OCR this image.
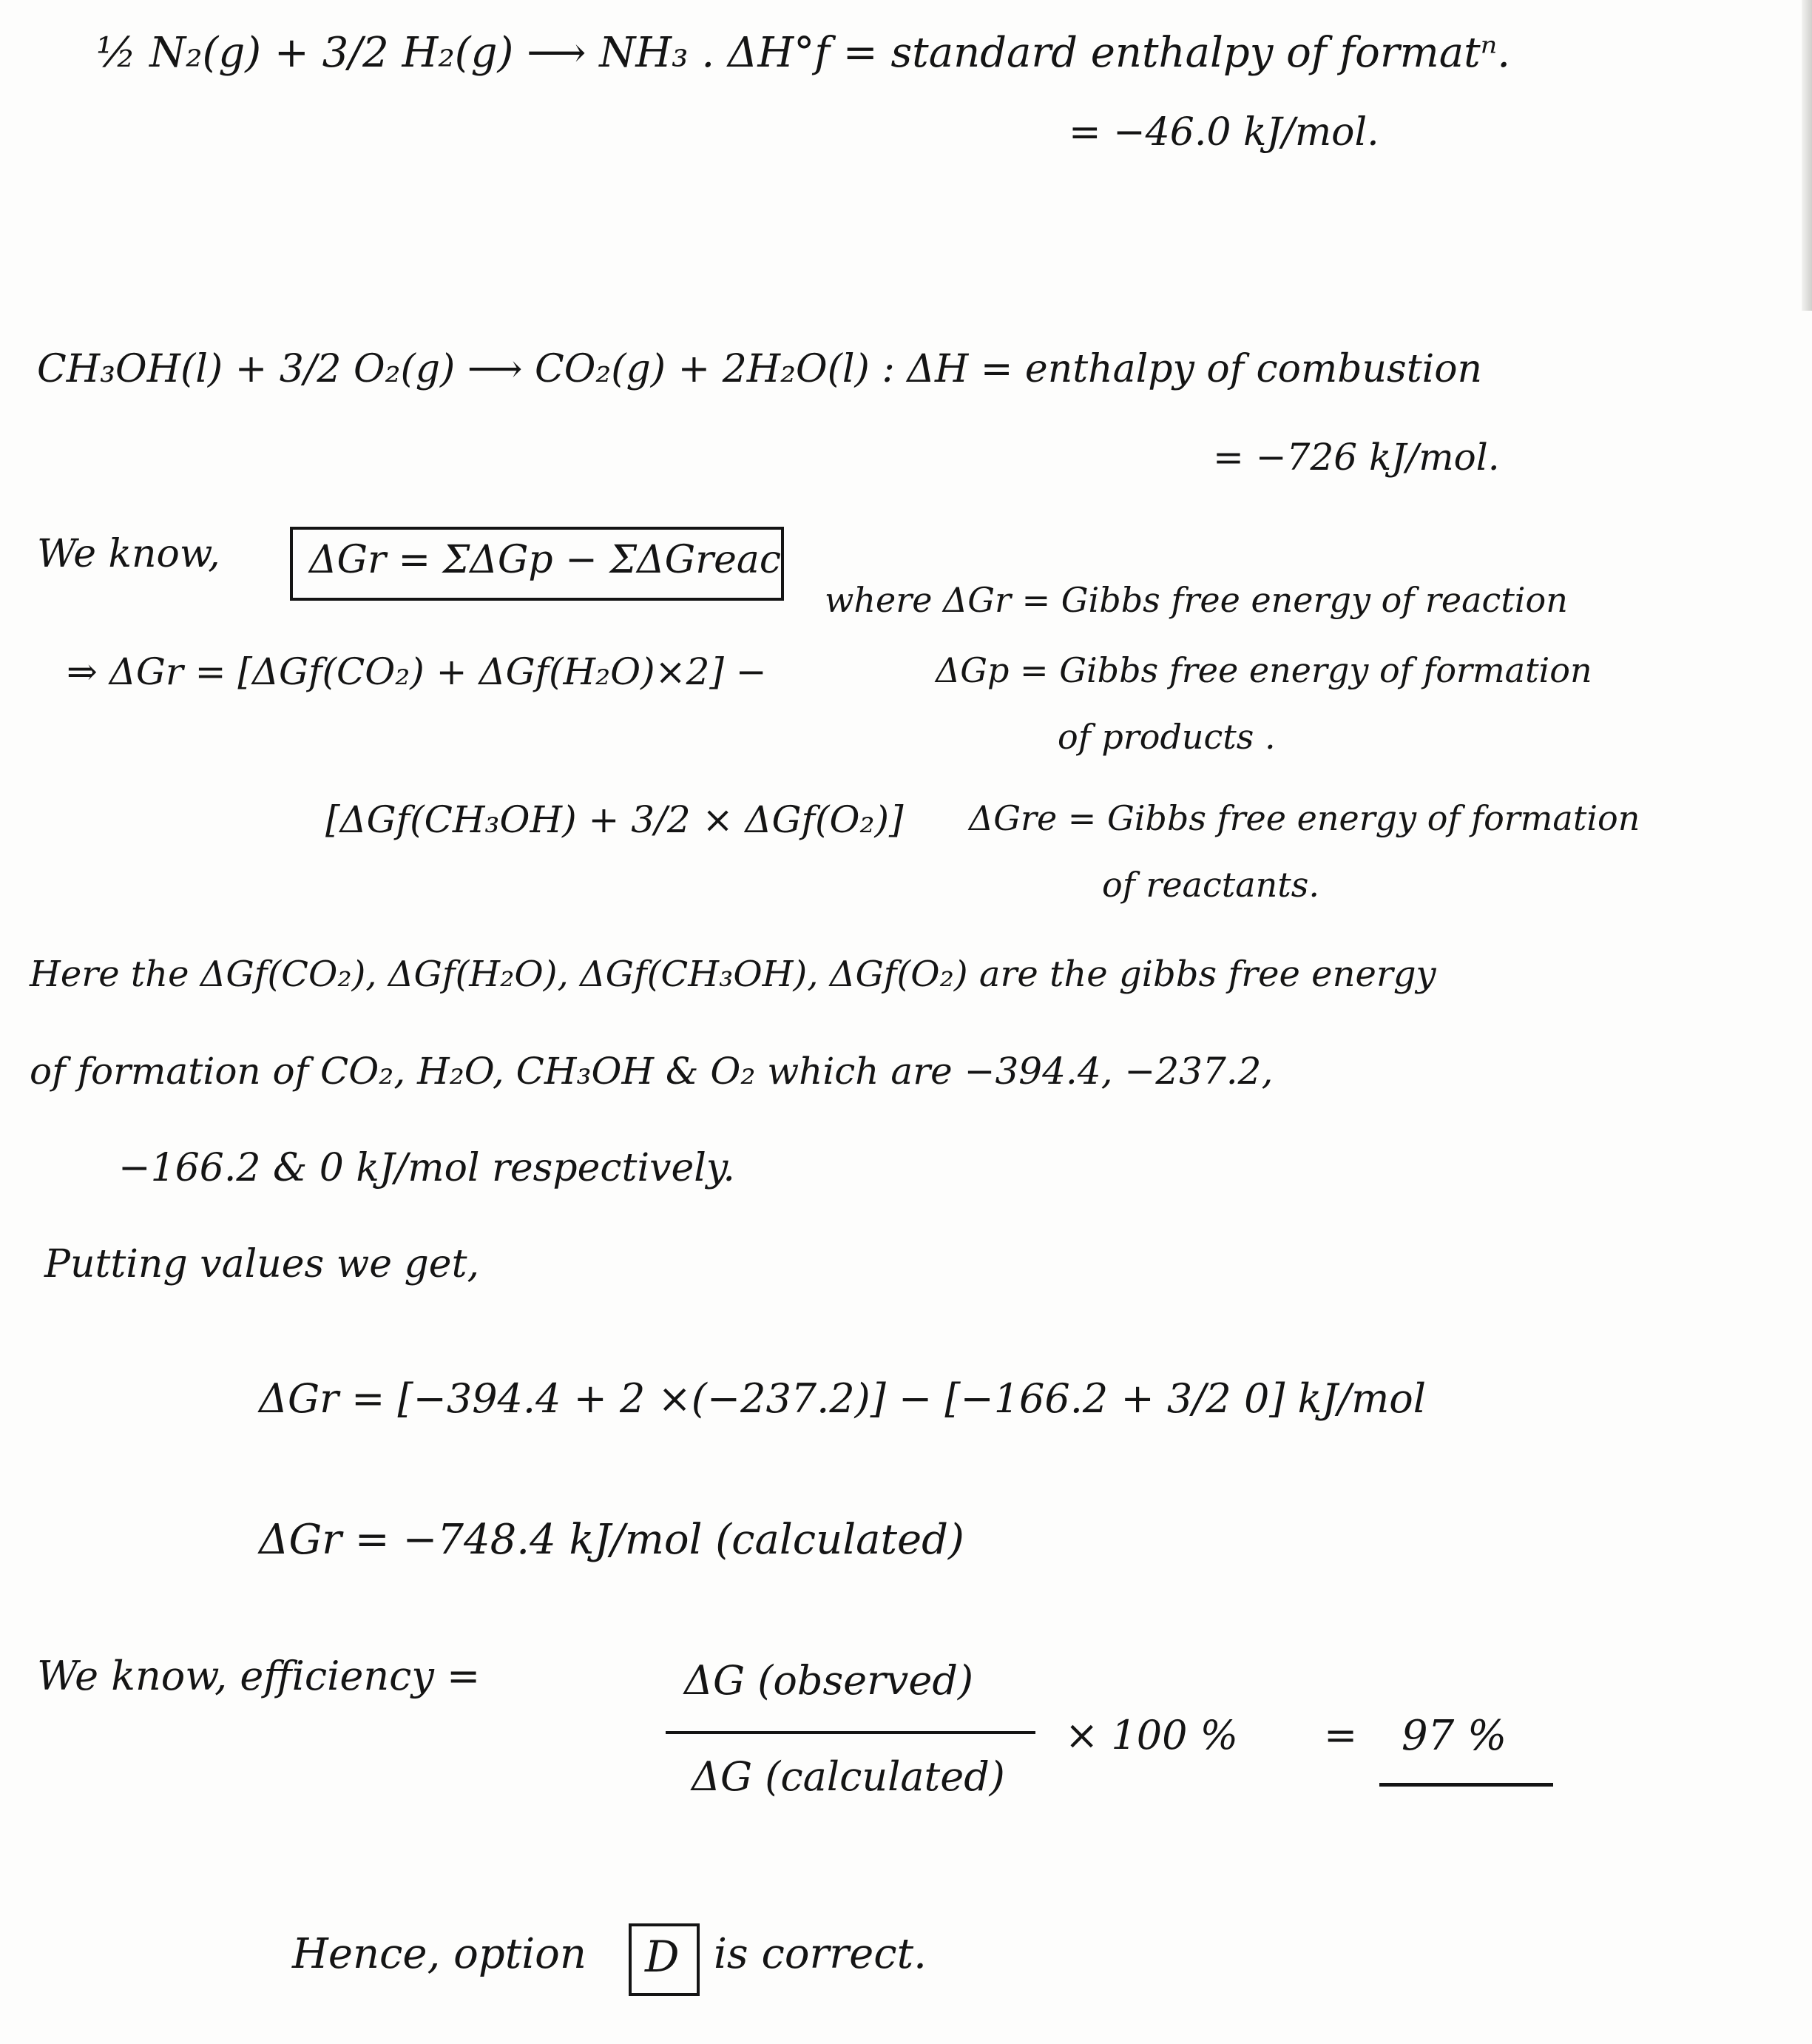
½ N₂(g) + 3/2 H₂(g) ⟶ NH₃ . ΔH°f = standard enthalpy of formatⁿ.
= −46.0 kJ/mol.
CH₃OH(l) + 3/2 O₂(g) ⟶ CO₂(g) + 2H₂O(l) : ΔH = enthalpy of combustion
= −726 kJ/mol.
We know, ΔGr = ΣΔGp − ΣΔGreac
where ΔGr = Gibbs free energy of reaction
⇒ ΔGr = [ΔGf(CO₂) + ΔGf(H₂O)×2] −	ΔGp = Gibbs free energy of formation
of products .
[ΔGf(CH₃OH) + 3/2 × ΔGf(O₂)] ΔGre = Gibbs free energy of formation
of reactants.
Here the ΔGf(CO₂), ΔGf(H₂O), ΔGf(CH₃OH), ΔGf(O₂) are the gibbs free energy
of formation of CO₂, H₂O, CH₃OH & O₂ which are −394.4, −237.2,
−166.2 & 0 kJ/mol respectively.
Putting values we get,
ΔGr = [−394.4 + 2 ×(−237.2)] − [−166.2 + 3/2 0] kJ/mol
ΔGr = −748.4 kJ/mol (calculated)
We know, efficiency =	ΔG (observed)
ΔG (calculated)
× 100 % = 97 %
Hence, option D is correct.
